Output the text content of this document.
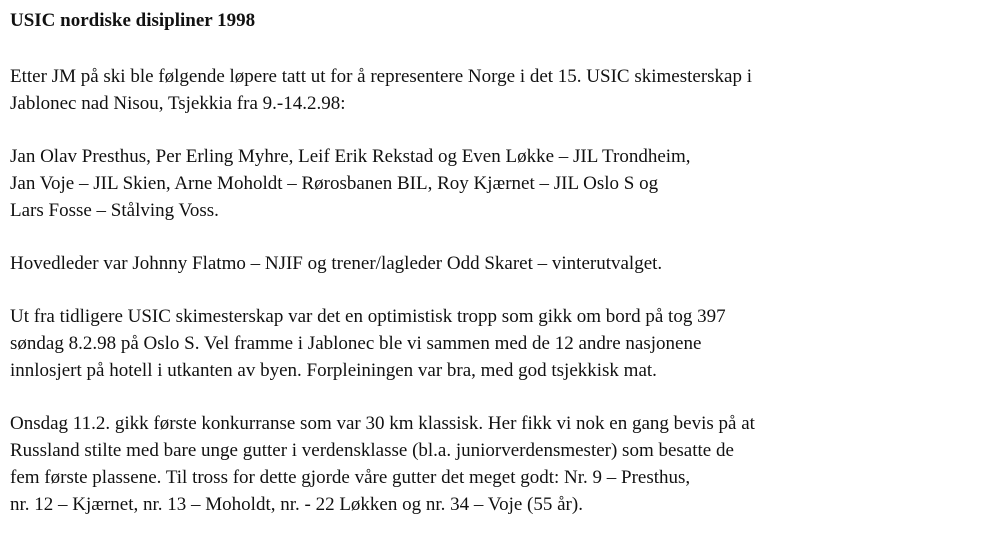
USIC nordiske disipliner 1998

Etter JM på ski ble følgende løpere tatt ut for å representere Norge i det 15. USIC skimesterskap i
Jablonec nad Nisou, Tsjekkia fra 9.-14.2.98:

Jan Olav Presthus, Per Erling Myhre, Leif Erik Rekstad og Even Løkke – JIL Trondheim,
Jan Voje – JIL Skien, Arne Moholdt – Rørosbanen BIL, Roy Kjærnet – JIL Oslo S og
Lars Fosse – Stålving Voss.

Hovedleder var Johnny Flatmo – NJIF og trener/lagleder Odd Skaret – vinterutvalget.

Ut fra tidligere USIC skimesterskap var det en optimistisk tropp som gikk om bord på tog 397
søndag 8.2.98 på Oslo S. Vel framme i Jablonec ble vi sammen med de 12 andre nasjonene
innlosjert på hotell i utkanten av byen. Forpleiningen var bra, med god tsjekkisk mat.

Onsdag 11.2. gikk første konkurranse som var 30 km klassisk. Her fikk vi nok en gang bevis på at
Russland stilte med bare unge gutter i verdensklasse (bl.a. juniorverdensmester) som besatte de
fem første plassene. Til tross for dette gjorde våre gutter det meget godt: Nr. 9 – Presthus,
nr. 12 – Kjærnet, nr. 13 – Moholdt, nr. - 22 Løkken og nr. 34 – Voje (55 år).
